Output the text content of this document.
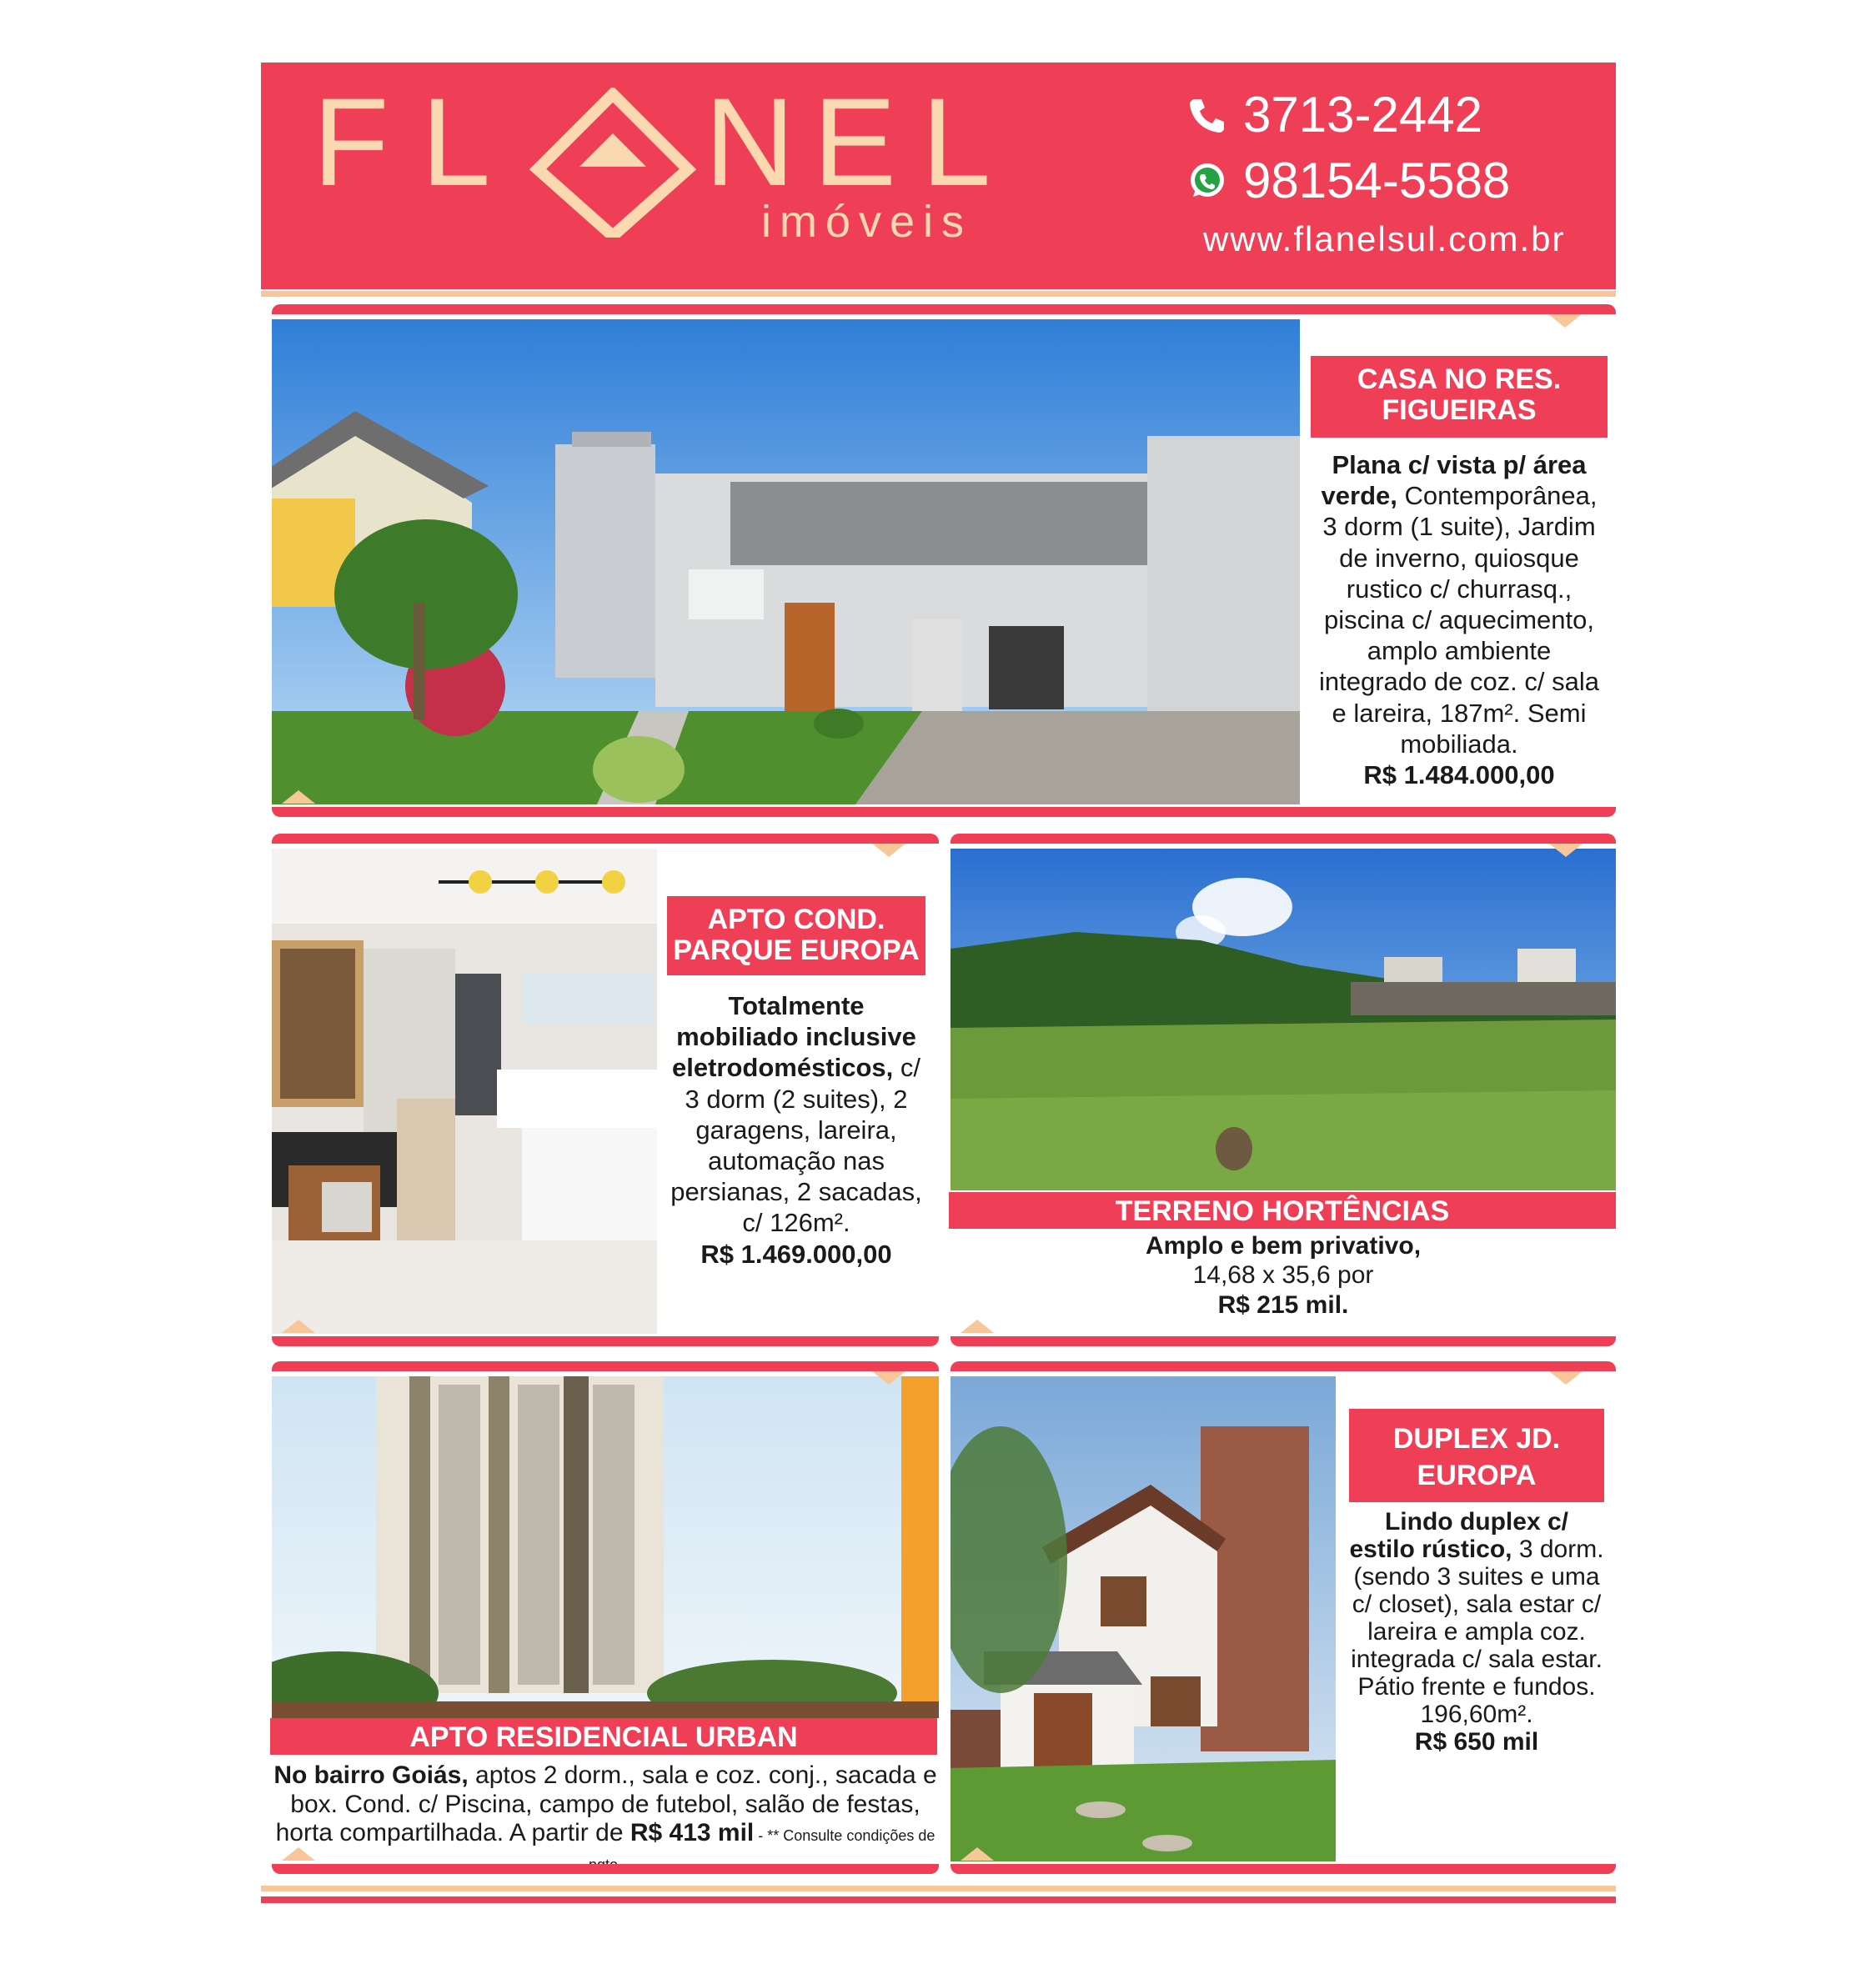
F L N E L
imóveis
3713-2442
98154-5588
www.flanelsul.com.br
CASA NO RES.
FIGUEIRAS
Plana c/ vista p/ área verde, Contemporânea, 3 dorm (1 suite), Jardim de inverno, quiosque rustico c/ churrasq., piscina c/ aquecimento, amplo ambiente integrado de coz. c/ sala e lareira, 187m². Semi mobiliada.
R$ 1.484.000,00
APTO COND.
PARQUE EUROPA
Totalmente mobiliado inclusive eletrodomésticos, c/ 3 dorm (2 suites), 2 garagens, lareira, automação nas persianas, 2 sacadas, c/ 126m².
R$ 1.469.000,00
TERRENO HORTÊNCIAS
Amplo e bem privativo,
14,68 x 35,6 por
R$ 215 mil.
APTO RESIDENCIAL URBAN
No bairro Goiás, aptos 2 dorm., sala e coz. conj., sacada e box. Cond. c/ Piscina, campo de futebol, salão de festas, horta compartilhada. A partir de R$ 413 mil - ** Consulte condições de
DUPLEX JD.
EUROPA
Lindo duplex c/ estilo rústico, 3 dorm. (sendo 3 suites e uma c/ closet), sala estar c/ lareira e ampla coz. integrada c/ sala estar. Pátio frente e fundos. 196,60m².
R$ 650 mil
